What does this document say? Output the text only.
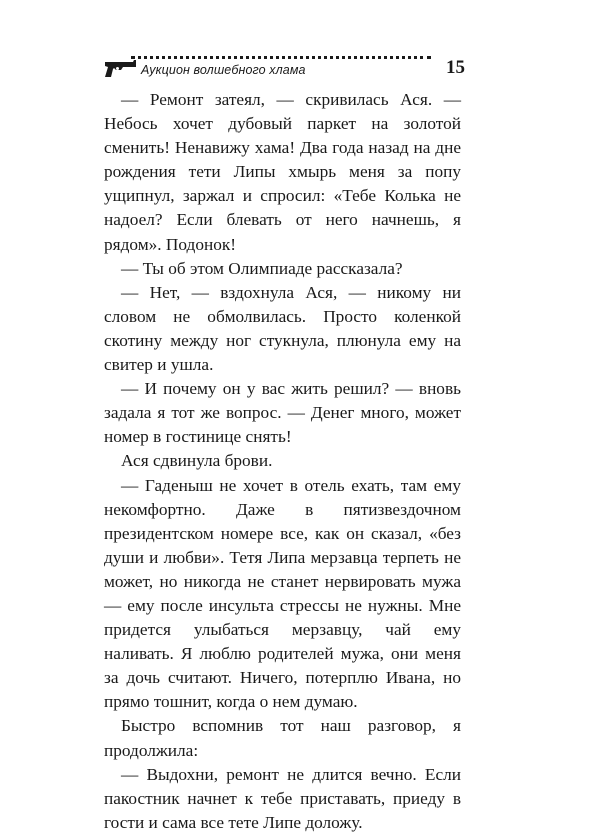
Аукцион волшебного хлама	15

— Ремонт затеял, — скривилась Ася. — Небось хочет дубовый паркет на золотой сменить! Ненавижу хама! Два года назад на дне рождения тети Липы хмырь меня за попу ущипнул, заржал и спросил: «Тебе Колька не надоел? Если блевать от него начнешь, я рядом». Подонок!

— Ты об этом Олимпиаде рассказала?

— Нет, — вздохнула Ася, — никому ни словом не обмолвилась. Просто коленкой скотину между ног стукнула, плюнула ему на свитер и ушла.

— И почему он у вас жить решил? — вновь задала я тот же вопрос. — Денег много, может номер в гостинице снять!

Ася сдвинула брови.

— Гаденыш не хочет в отель ехать, там ему некомфортно. Даже в пятизвездочном президентском номере все, как он сказал, «без души и любви». Тетя Липа мерзавца терпеть не может, но никогда не станет нервировать мужа — ему после инсульта стрессы не нужны. Мне придется улыбаться мерзавцу, чай ему наливать. Я люблю родителей мужа, они меня за дочь считают. Ничего, потерплю Ивана, но прямо тошнит, когда о нем думаю.

Быстро вспомнив тот наш разговор, я продолжила:

— Выдохни, ремонт не длится вечно. Если пакостник начнет к тебе приставать, приеду в гости и сама все тете Липе доложу.
